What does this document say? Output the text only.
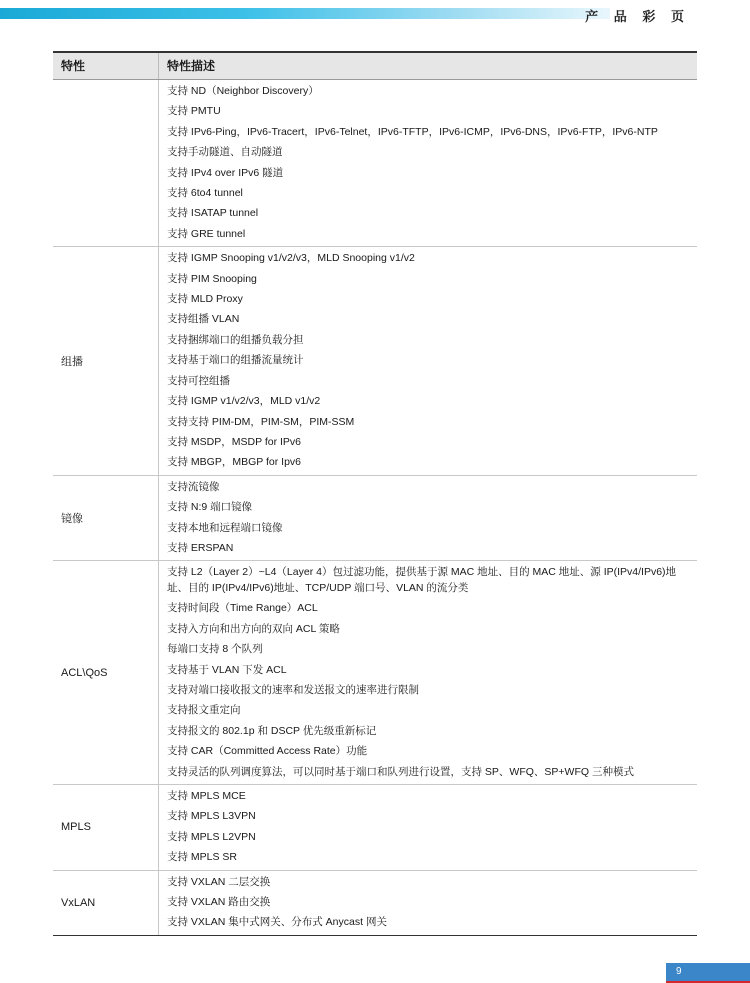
产 品 彩 页
特性	特性描述
支持 ND（Neighbor Discovery）
支持 PMTU
支持 IPv6-Ping，IPv6-Tracert，IPv6-Telnet，IPv6-TFTP，IPv6-ICMP，IPv6-DNS，IPv6-FTP，IPv6-NTP
支持手动隧道、自动隧道
支持 IPv4 over IPv6 隧道
支持 6to4 tunnel
支持 ISATAP tunnel
支持 GRE tunnel
组播
支持 IGMP Snooping v1/v2/v3，MLD Snooping v1/v2
支持 PIM Snooping
支持 MLD Proxy
支持组播 VLAN
支持捆绑端口的组播负载分担
支持基于端口的组播流量统计
支持可控组播
支持 IGMP v1/v2/v3，MLD v1/v2
支持支持 PIM-DM，PIM-SM，PIM-SSM
支持 MSDP，MSDP for IPv6
支持 MBGP，MBGP for Ipv6
镜像
支持流镜像
支持 N:9 端口镜像
支持本地和远程端口镜像
支持 ERSPAN
ACL\QoS
支持 L2（Layer 2）~L4（Layer 4）包过滤功能，提供基于源 MAC 地址、目的 MAC 地址、源 IP(IPv4/IPv6)地址、目的 IP(IPv4/IPv6)地址、TCP/UDP 端口号、VLAN 的流分类
支持时间段（Time Range）ACL
支持入方向和出方向的双向 ACL 策略
每端口支持 8 个队列
支持基于 VLAN 下发 ACL
支持对端口接收报文的速率和发送报文的速率进行限制
支持报文重定向
支持报文的 802.1p 和 DSCP 优先级重新标记
支持 CAR（Committed Access Rate）功能
支持灵活的队列调度算法，可以同时基于端口和队列进行设置，支持 SP、WFQ、SP+WFQ 三种模式
MPLS
支持 MPLS MCE
支持 MPLS L3VPN
支持 MPLS L2VPN
支持 MPLS SR
VxLAN
支持 VXLAN 二层交换
支持 VXLAN 路由交换
支持 VXLAN 集中式网关、分布式 Anycast 网关
9
